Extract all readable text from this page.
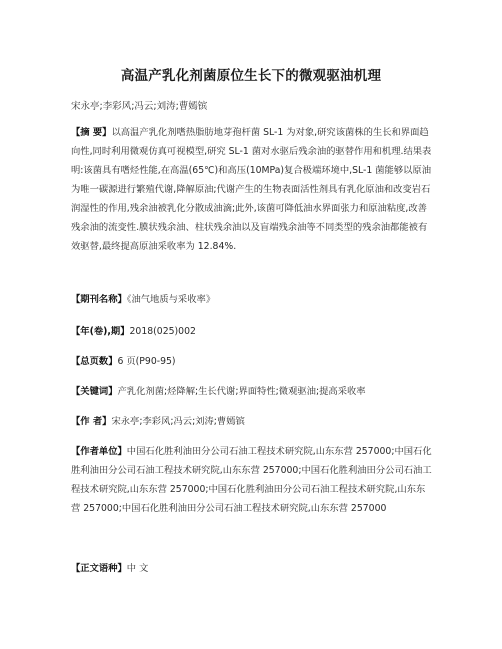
高温产乳化剂菌原位生长下的微观驱油机理
宋永亭;李彩风;冯云;刘涛;曹嫣镔
【摘 要】以高温产乳化剂嗜热脂肪地芽孢杆菌 SL-1 为对象,研究该菌株的生长和界面趋向性,同时利用微观仿真可视模型,研究 SL-1 菌对水驱后残余油的驱替作用和机理.结果表明:该菌具有嗜烃性能,在高温(65℃)和高压(10MPa)复合极端环境中,SL-1 菌能够以原油为唯一碳源进行繁殖代谢,降解原油;代谢产生的生物表面活性剂具有乳化原油和改变岩石润湿性的作用,残余油被乳化分散成油滴;此外,该菌可降低油水界面张力和原油粘度,改善残余油的流变性.膜状残余油、柱状残余油以及盲端残余油等不同类型的残余油都能被有效驱替,最终提高原油采收率为 12.84%.
【期刊名称】《油气地质与采收率》
【年(卷),期】2018(025)002
【总页数】6 页(P90-95)
【关键词】产乳化剂菌;烃降解;生长代谢;界面特性;微观驱油;提高采收率
【作 者】宋永亭;李彩风;冯云;刘涛;曹嫣镔
【作者单位】中国石化胜利油田分公司石油工程技术研究院,山东东营 257000;中国石化胜利油田分公司石油工程技术研究院,山东东营 257000;中国石化胜利油田分公司石油工程技术研究院,山东东营 257000;中国石化胜利油田分公司石油工程技术研究院,山东东营 257000;中国石化胜利油田分公司石油工程技术研究院,山东东营 257000
【正文语种】中 文
